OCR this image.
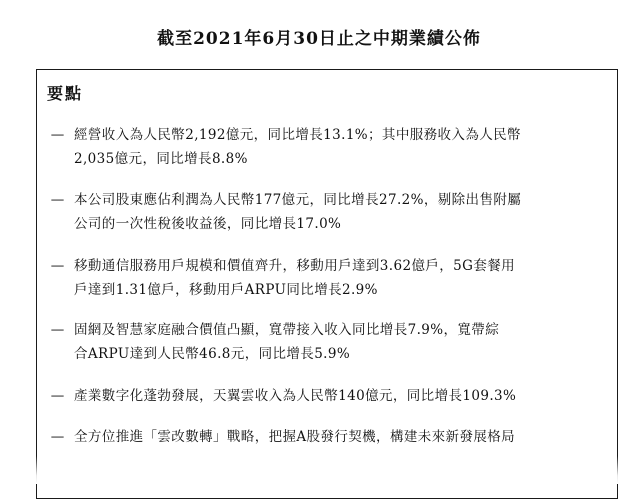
截至2021年6月30日止之中期業績公佈
要點
— 經營收入為人民幣2,192億元，同比增長13.1%；其中服務收入為人民幣
2,035億元，同比增長8.8%
— 本公司股東應佔利潤為人民幣177億元，同比增長27.2%，剔除出售附屬
公司的一次性稅後收益後，同比增長17.0%
— 移動通信服務用戶規模和價值齊升，移動用戶達到3.62億戶，5G套餐用
戶達到1.31億戶，移動用戶ARPU同比增長2.9%
— 固網及智慧家庭融合價值凸顯，寬帶接入收入同比增長7.9%，寬帶綜
合ARPU達到人民幣46.8元，同比增長5.9%
— 產業數字化蓬勃發展，天翼雲收入為人民幣140億元，同比增長109.3%
— 全方位推進「雲改數轉」戰略，把握A股發行契機，構建未來新發展格局
